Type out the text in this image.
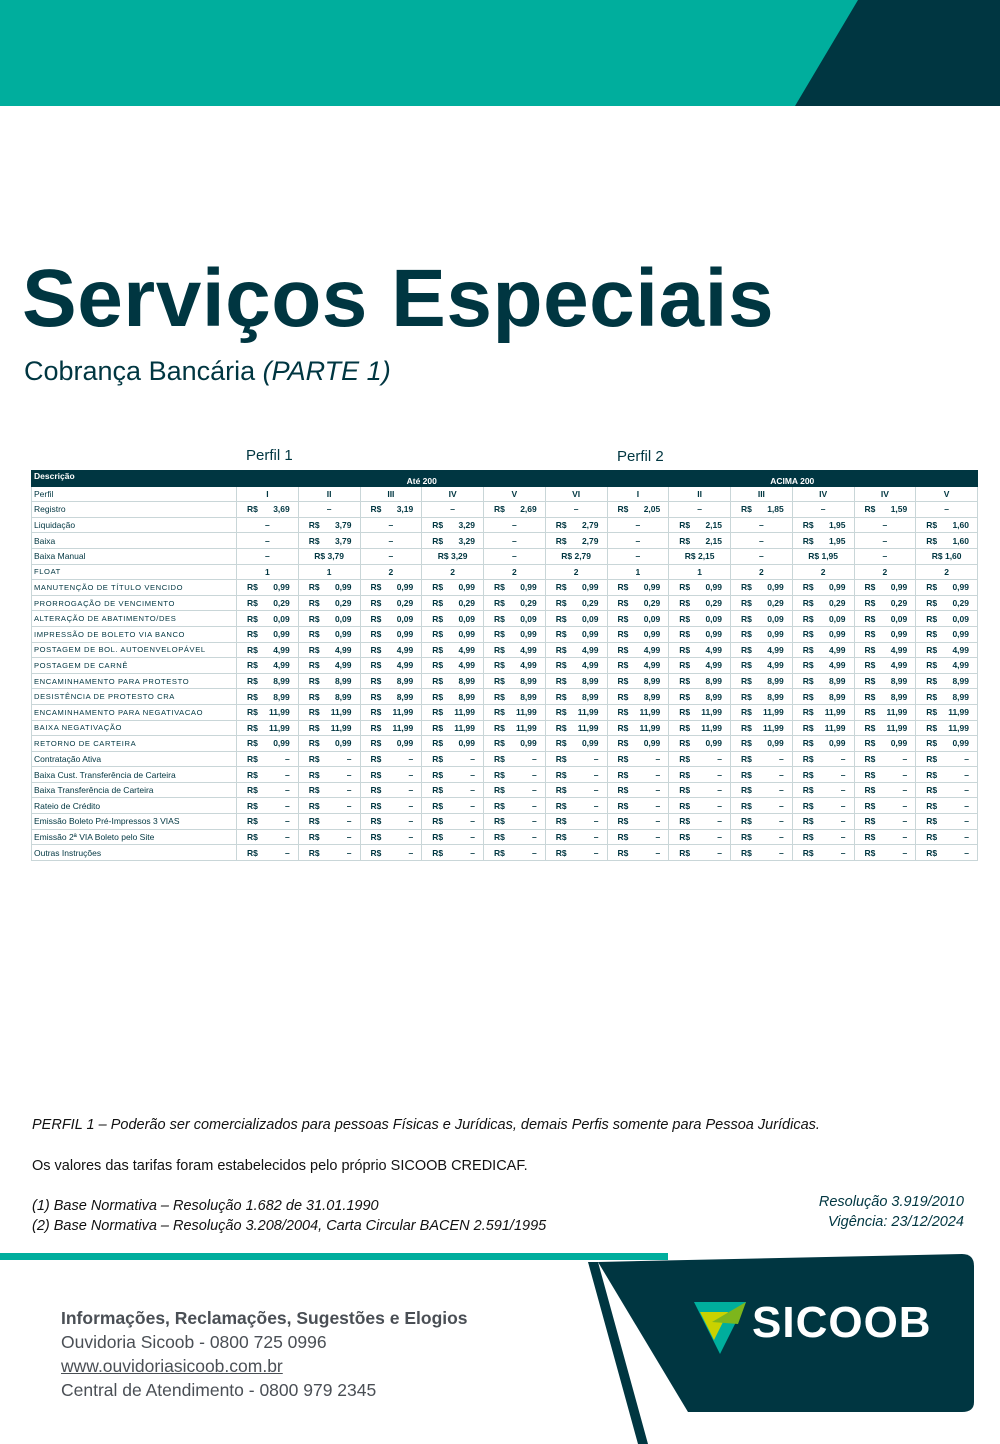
Serviços Especiais
Cobrança Bancária (PARTE 1)
Perfil 1	Perfil 2
Descrição	Até 200						ACIMA 200					
Perfil	I	II	III	IV	V	VI	I	II	III	IV	IV	V
Registro	R$ 3,69	–	R$ 3,19	–	R$ 2,69	–	R$ 2,05	–	R$ 1,85	–	R$ 1,59	–
Liquidação	–	R$ 3,79	–	R$ 3,29	–	R$ 2,79	–	R$ 2,15	–	R$ 1,95	–	R$ 1,60

Baixa	–	R$ 3,79	–	R$ 3,29	–	R$ 2,79	–	R$ 2,15	–	R$ 1,95	–	R$ 1,60

Baixa Manual	–	R$ 3,79	–	R$ 3,29	–	R$ 2,79	–	R$ 2,15	–	R$ 1,95	–	R$ 1,60
FLOAT	1	1	2	2	2	2	1	1	2	2	2	2
MANUTENÇÃO DE TÍTULO VENCIDO	R$ 0,99	R$ 0,99	R$ 0,99	R$ 0,99	R$ 0,99	R$ 0,99	R$ 0,99	R$ 0,99	R$ 0,99	R$ 0,99	R$ 0,99	R$ 0,99

PRORROGAÇÃO DE VENCIMENTO	R$ 0,29	R$ 0,29	R$ 0,29	R$ 0,29	R$ 0,29	R$ 0,29	R$ 0,29	R$ 0,29	R$ 0,29	R$ 0,29	R$ 0,29	R$ 0,29

ALTERAÇÃO DE ABATIMENTO/DES	R$ 0,09	R$ 0,09	R$ 0,09	R$ 0,09	R$ 0,09	R$ 0,09	R$ 0,09	R$ 0,09	R$ 0,09	R$ 0,09	R$ 0,09	R$ 0,09

IMPRESSÃO DE BOLETO VIA BANCO	R$ 0,99	R$ 0,99	R$ 0,99	R$ 0,99	R$ 0,99	R$ 0,99	R$ 0,99	R$ 0,99	R$ 0,99	R$ 0,99	R$ 0,99	R$ 0,99

POSTAGEM DE BOL. AUTOENVELOPÁVEL	R$ 4,99	R$ 4,99	R$ 4,99	R$ 4,99	R$ 4,99	R$ 4,99	R$ 4,99	R$ 4,99	R$ 4,99	R$ 4,99	R$ 4,99	R$ 4,99

POSTAGEM DE CARNÊ	R$ 4,99	R$ 4,99	R$ 4,99	R$ 4,99	R$ 4,99	R$ 4,99	R$ 4,99	R$ 4,99	R$ 4,99	R$ 4,99	R$ 4,99	R$ 4,99

ENCAMINHAMENTO PARA PROTESTO	R$ 8,99	R$ 8,99	R$ 8,99	R$ 8,99	R$ 8,99	R$ 8,99	R$ 8,99	R$ 8,99	R$ 8,99	R$ 8,99	R$ 8,99	R$ 8,99

DESISTÊNCIA DE PROTESTO CRA	R$ 8,99	R$ 8,99	R$ 8,99	R$ 8,99	R$ 8,99	R$ 8,99	R$ 8,99	R$ 8,99	R$ 8,99	R$ 8,99	R$ 8,99	R$ 8,99

ENCAMINHAMENTO PARA NEGATIVACAO	R$ 11,99	R$ 11,99	R$ 11,99	R$ 11,99	R$ 11,99	R$ 11,99	R$ 11,99	R$ 11,99	R$ 11,99	R$ 11,99	R$ 11,99	R$ 11,99

BAIXA NEGATIVAÇÃO	R$ 11,99	R$ 11,99	R$ 11,99	R$ 11,99	R$ 11,99	R$ 11,99	R$ 11,99	R$ 11,99	R$ 11,99	R$ 11,99	R$ 11,99	R$ 11,99

RETORNO DE CARTEIRA	R$ 0,99	R$ 0,99	R$ 0,99	R$ 0,99	R$ 0,99	R$ 0,99	R$ 0,99	R$ 0,99	R$ 0,99	R$ 0,99	R$ 0,99	R$ 0,99

Contratação Ativa	R$ –	R$ –	R$ –	R$ –	R$ –	R$ –	R$ –	R$ –	R$ –	R$ –	R$ –	R$ –

Baixa Cust. Transferência de Carteira	R$ –	R$ –	R$ –	R$ –	R$ –	R$ –	R$ –	R$ –	R$ –	R$ –	R$ –	R$ –

Baixa Transferência de Carteira	R$ –	R$ –	R$ –	R$ –	R$ –	R$ –	R$ –	R$ –	R$ –	R$ –	R$ –	R$ –

Rateio de Crédito	R$ –	R$ –	R$ –	R$ –	R$ –	R$ –	R$ –	R$ –	R$ –	R$ –	R$ –	R$ –

Emissão Boleto Pré-Impressos 3 VIAS	R$ –	R$ –	R$ –	R$ –	R$ –	R$ –	R$ –	R$ –	R$ –	R$ –	R$ –	R$ –

Emissão 2ª VIA Boleto pelo Site	R$ –	R$ –	R$ –	R$ –	R$ –	R$ –	R$ –	R$ –	R$ –	R$ –	R$ –	R$ –

Outras Instruções	R$ –	R$ –	R$ –	R$ –	R$ –	R$ –	R$ –	R$ –	R$ –	R$ –	R$ –	R$ –
PERFIL 1 – Poderão ser comercializados para pessoas Físicas e Jurídicas, demais Perfis somente para Pessoa Jurídicas.
Os valores das tarifas foram estabelecidos pelo próprio SICOOB CREDICAF.
(1) Base Normativa – Resolução 1.682 de 31.01.1990
(2) Base Normativa – Resolução 3.208/2004, Carta Circular BACEN 2.591/1995
Resolução 3.919/2010
Vigência: 23/12/2024
Informações, Reclamações, Sugestões e Elogios
Ouvidoria Sicoob - 0800 725 0996
www.ouvidoriasicoob.com.br
Central de Atendimento - 0800 979 2345
SICOOB
